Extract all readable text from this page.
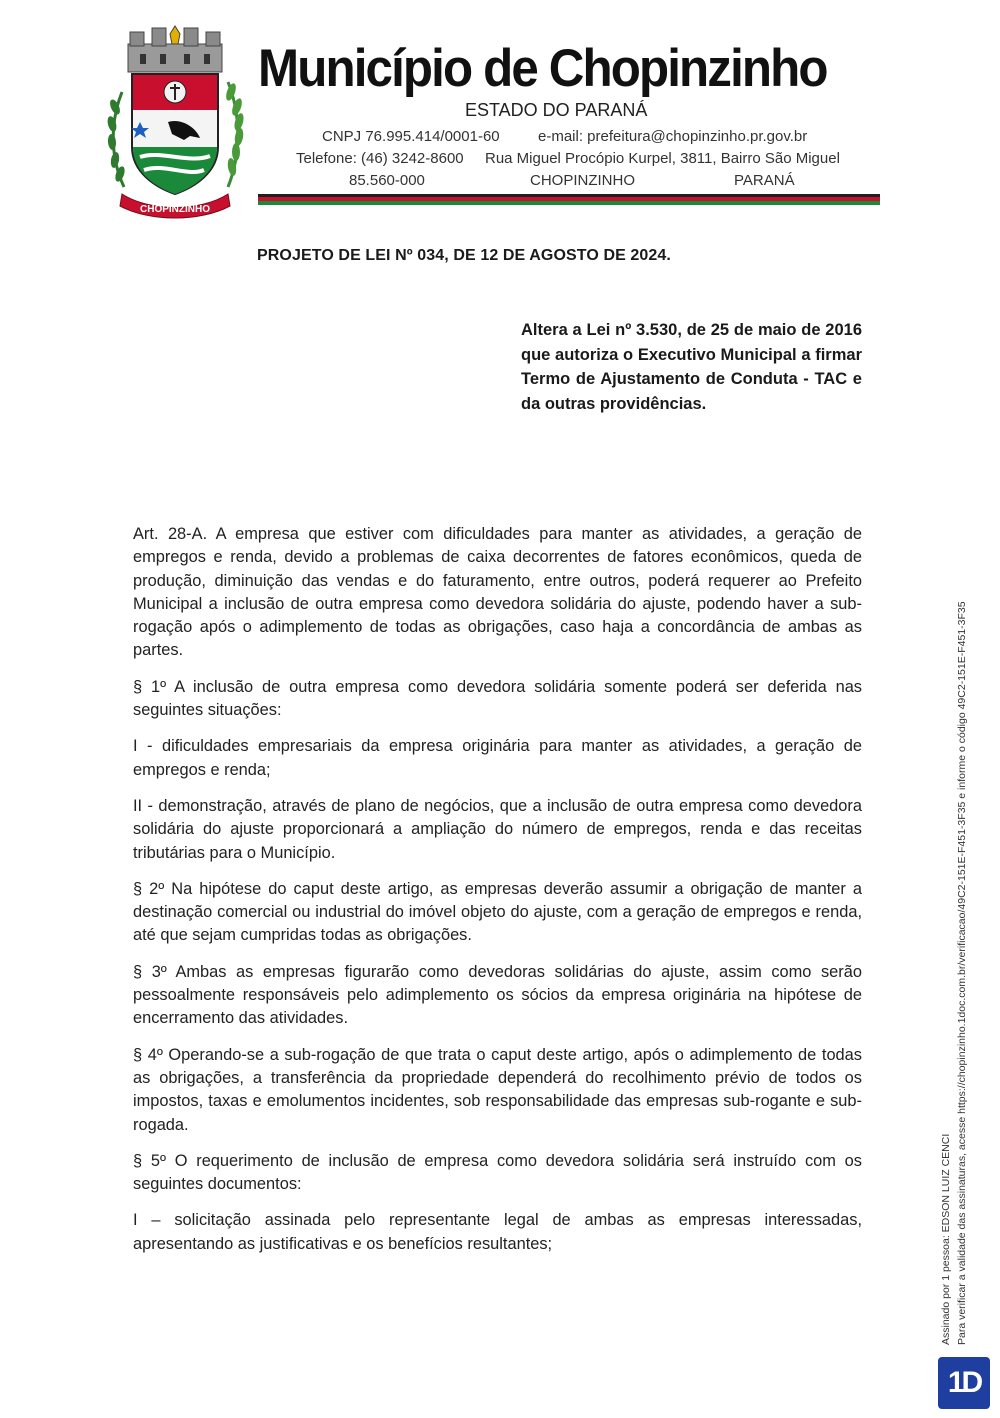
CHOPINZINHO
Município de Chopinzinho
ESTADO DO PARANÁ
CNPJ 76.995.414/0001-60	e-mail: prefeitura@chopinzinho.pr.gov.br
Telefone: (46) 3242-8600 Rua Miguel Procópio Kurpel, 3811, Bairro São Miguel
85.560-000	CHOPINZINHO	PARANÁ
PROJETO DE LEI Nº 034, DE 12 DE AGOSTO DE 2024.
Altera a Lei nº 3.530, de 25 de maio de 2016 que autoriza o Executivo Municipal a firmar Termo de Ajustamento de Conduta - TAC e da outras providências.

Art. 28-A. A empresa que estiver com dificuldades para manter as atividades, a geração de empregos e renda, devido a problemas de caixa decorrentes de fatores econômicos, queda de produção, diminuição das vendas e do faturamento, entre outros, poderá requerer ao Prefeito Municipal a inclusão de outra empresa como devedora solidária do ajuste, podendo haver a sub-rogação após o adimplemento de todas as obrigações, caso haja a concordância de ambas as partes.

§ 1º A inclusão de outra empresa como devedora solidária somente poderá ser deferida nas seguintes situações:

I - dificuldades empresariais da empresa originária para manter as atividades, a geração de empregos e renda;

II - demonstração, através de plano de negócios, que a inclusão de outra empresa como devedora solidária do ajuste proporcionará a ampliação do número de empregos, renda e das receitas tributárias para o Município.

§ 2º Na hipótese do caput deste artigo, as empresas deverão assumir a obrigação de manter a destinação comercial ou industrial do imóvel objeto do ajuste, com a geração de empregos e renda, até que sejam cumpridas todas as obrigações.

§ 3º Ambas as empresas figurarão como devedoras solidárias do ajuste, assim como serão pessoalmente responsáveis pelo adimplemento os sócios da empresa originária na hipótese de encerramento das atividades.

§ 4º Operando-se a sub-rogação de que trata o caput deste artigo, após o adimplemento de todas as obrigações, a transferência da propriedade dependerá do recolhimento prévio de todos os impostos, taxas e emolumentos incidentes, sob responsabilidade das empresas sub-rogante e sub-rogada.

§ 5º O requerimento de inclusão de empresa como devedora solidária será instruído com os seguintes documentos:

I – solicitação assinada pelo representante legal de ambas as empresas interessadas, apresentando as justificativas e os benefícios resultantes;	Assinado por 1 pessoa: EDSON LUIZ CENCI Para verificar a validade das assinaturas, acesse https://chopinzinho.1doc.com.br/verificacao/49C2-151E-F451-3F35 e informe o código 49C2-151E-F451-3F35
1D
